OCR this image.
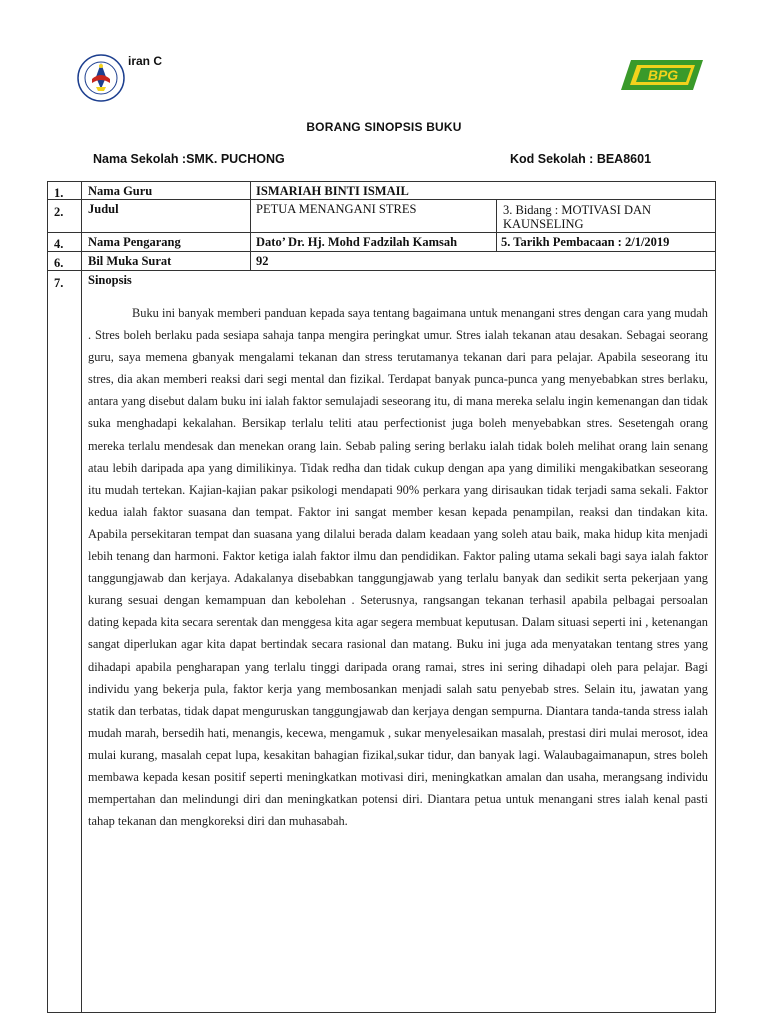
iran C
BPG
BORANG SINOPSIS BUKU
Nama Sekolah :SMK. PUCHONG	Kod Sekolah : BEA8601
1. Nama Guru	ISMARIAH BINTI ISMAIL
2. Judul	PETUA MENANGANI STRES	3. Bidang : MOTIVASI DAN KAUNSELING
4. Nama Pengarang	Dato’ Dr. Hj. Mohd Fadzilah Kamsah	5. Tarikh Pembacaan : 2/1/2019
6. Bil Muka Surat	92
7. Sinopsis

Buku ini banyak memberi panduan kepada saya tentang bagaimana untuk menangani stres dengan cara yang mudah . Stres boleh berlaku pada sesiapa sahaja tanpa mengira peringkat umur. Stres ialah tekanan atau desakan. Sebagai seorang guru, saya memena gbanyak mengalami tekanan dan stress terutamanya tekanan dari para pelajar. Apabila seseorang itu stres, dia akan memberi reaksi dari segi mental dan fizikal. Terdapat banyak punca-punca yang menyebabkan stres berlaku, antara yang disebut dalam buku ini ialah faktor semulajadi seseorang itu, di mana mereka selalu ingin kemenangan dan tidak suka menghadapi kekalahan. Bersikap terlalu teliti atau perfectionist juga boleh menyebabkan stres. Sesetengah orang mereka terlalu mendesak dan menekan orang lain. Sebab paling sering berlaku ialah tidak boleh melihat orang lain senang atau lebih daripada apa yang dimilikinya. Tidak redha dan tidak cukup dengan apa yang dimiliki mengakibatkan seseorang itu mudah tertekan. Kajian-kajian pakar psikologi mendapati 90% perkara yang dirisaukan tidak terjadi sama sekali. Faktor kedua ialah faktor suasana dan tempat. Faktor ini sangat member kesan kepada penampilan, reaksi dan tindakan kita. Apabila persekitaran tempat dan suasana yang dilalui berada dalam keadaan yang soleh atau baik, maka hidup kita menjadi lebih tenang dan harmoni. Faktor ketiga ialah faktor ilmu dan pendidikan. Faktor paling utama sekali bagi saya ialah faktor tanggungjawab dan kerjaya. Adakalanya disebabkan tanggungjawab yang terlalu banyak dan sedikit serta pekerjaan yang kurang sesuai dengan kemampuan dan kebolehan . Seterusnya, rangsangan tekanan terhasil apabila pelbagai persoalan dating kepada kita secara serentak dan menggesa kita agar segera membuat keputusan. Dalam situasi seperti ini , ketenangan sangat diperlukan agar kita dapat bertindak secara rasional dan matang. Buku ini juga ada menyatakan tentang stres yang dihadapi apabila pengharapan yang terlalu tinggi daripada orang ramai, stres ini sering dihadapi oleh para pelajar. Bagi individu yang bekerja pula, faktor kerja yang membosankan menjadi salah satu penyebab stres. Selain itu, jawatan yang statik dan terbatas, tidak dapat menguruskan tanggungjawab dan kerjaya dengan sempurna. Diantara tanda-tanda stress ialah mudah marah, bersedih hati, menangis, kecewa, mengamuk , sukar menyelesaikan masalah, prestasi diri mulai merosot, idea mulai kurang, masalah cepat lupa, kesakitan bahagian fizikal,sukar tidur, dan banyak lagi. Walaubagaimanapun, stres boleh membawa kepada kesan positif seperti meningkatkan motivasi diri, meningkatkan amalan dan usaha, merangsang individu mempertahan dan melindungi diri dan meningkatkan potensi diri. Diantara petua untuk menangani stres ialah kenal pasti tahap tekanan dan mengkoreksi diri dan muhasabah.
